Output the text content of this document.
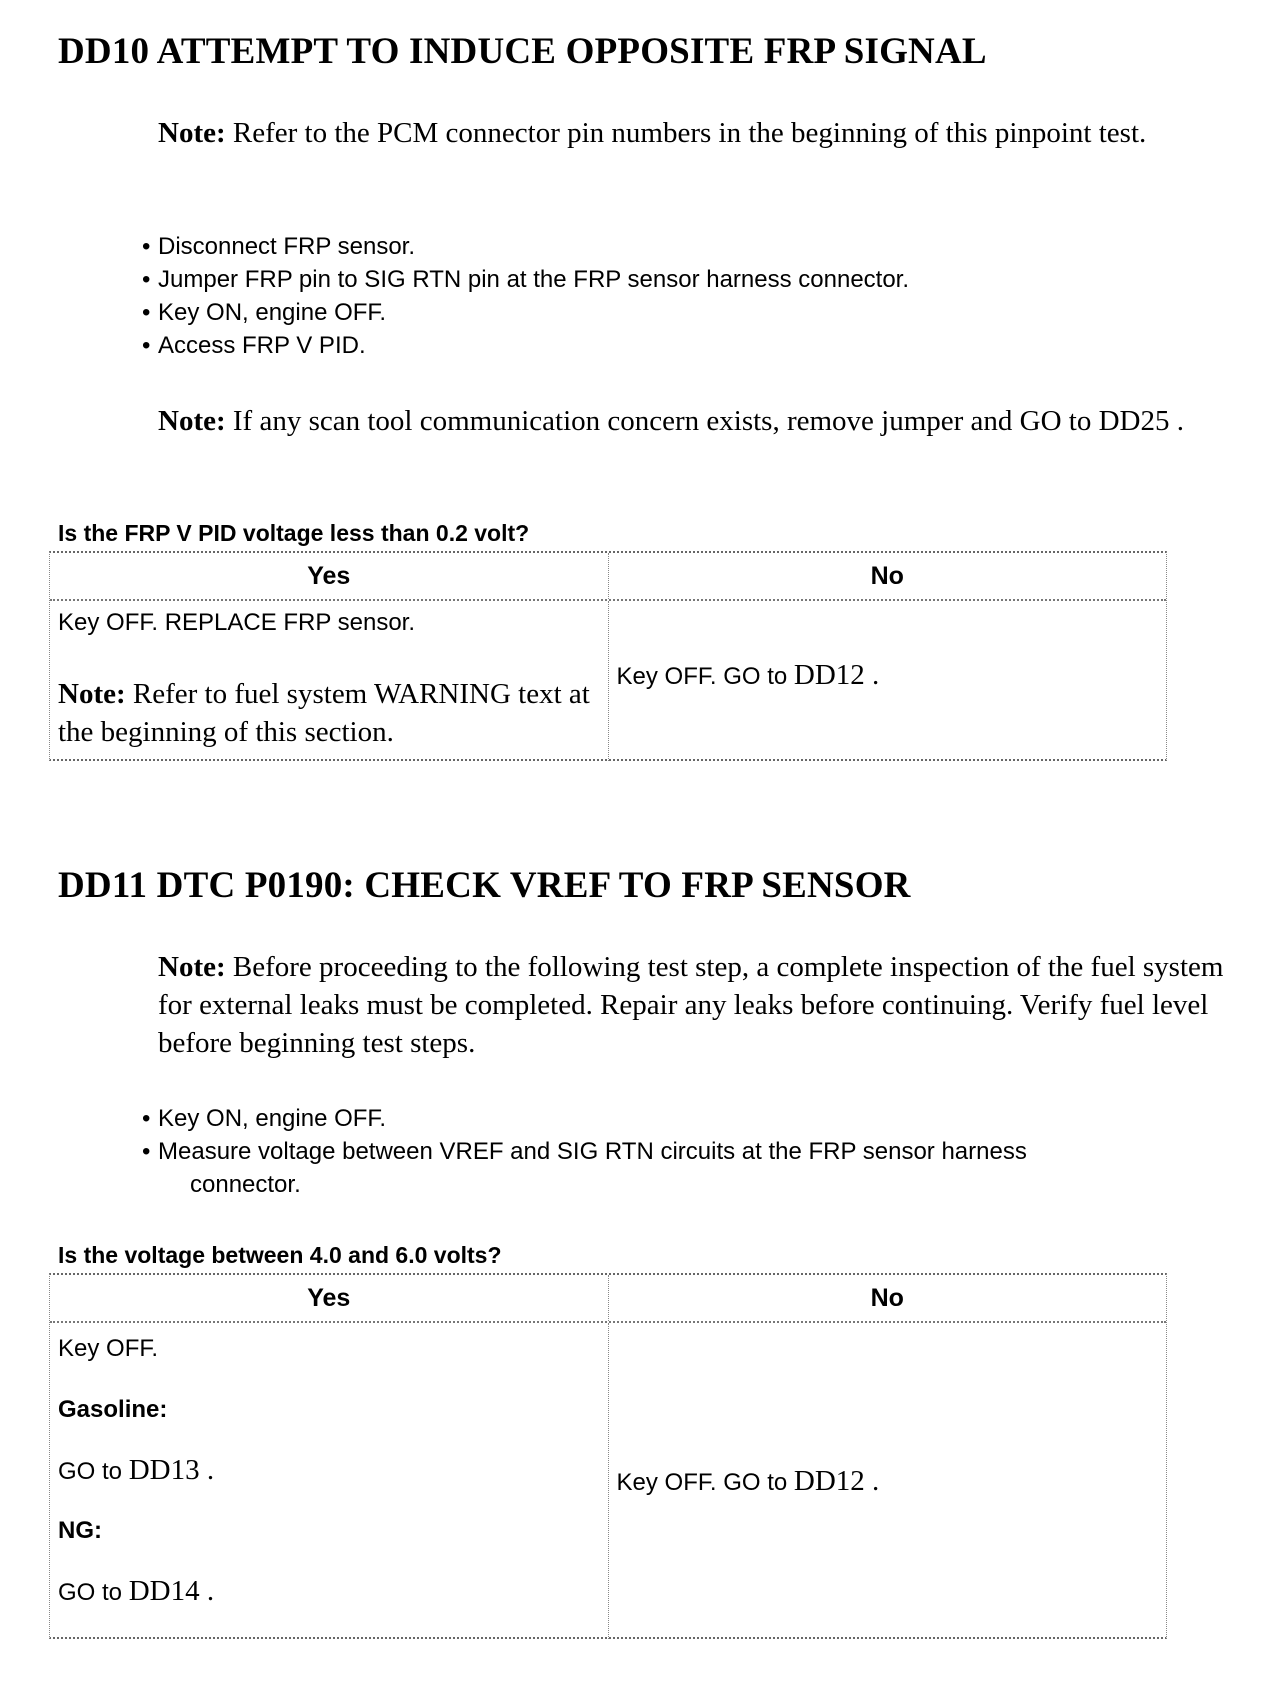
DD10 ATTEMPT TO INDUCE OPPOSITE FRP SIGNAL

Note: Refer to the PCM connector pin numbers in the beginning of this pinpoint test.

• Disconnect FRP sensor.
• Jumper FRP pin to SIG RTN pin at the FRP sensor harness connector.
• Key ON, engine OFF.
• Access FRP V PID.

Note: If any scan tool communication concern exists, remove jumper and GO to DD25 .

Is the FRP V PID voltage less than 0.2 volt?

Yes	No

Key OFF. REPLACE FRP sensor.

Note: Refer to fuel system WARNING text at the beginning of this section.

Key OFF. GO to DD12 .

DD11 DTC P0190: CHECK VREF TO FRP SENSOR

Note: Before proceeding to the following test step, a complete inspection of the fuel system for external leaks must be completed. Repair any leaks before continuing. Verify fuel level before beginning test steps.

• Key ON, engine OFF.
• Measure voltage between VREF and SIG RTN circuits at the FRP sensor harness
connector.

Is the voltage between 4.0 and 6.0 volts?

Yes	No

Key OFF.

Gasoline:

GO to DD13 .

NG:

GO to DD14 .

Key OFF. GO to DD12 .
